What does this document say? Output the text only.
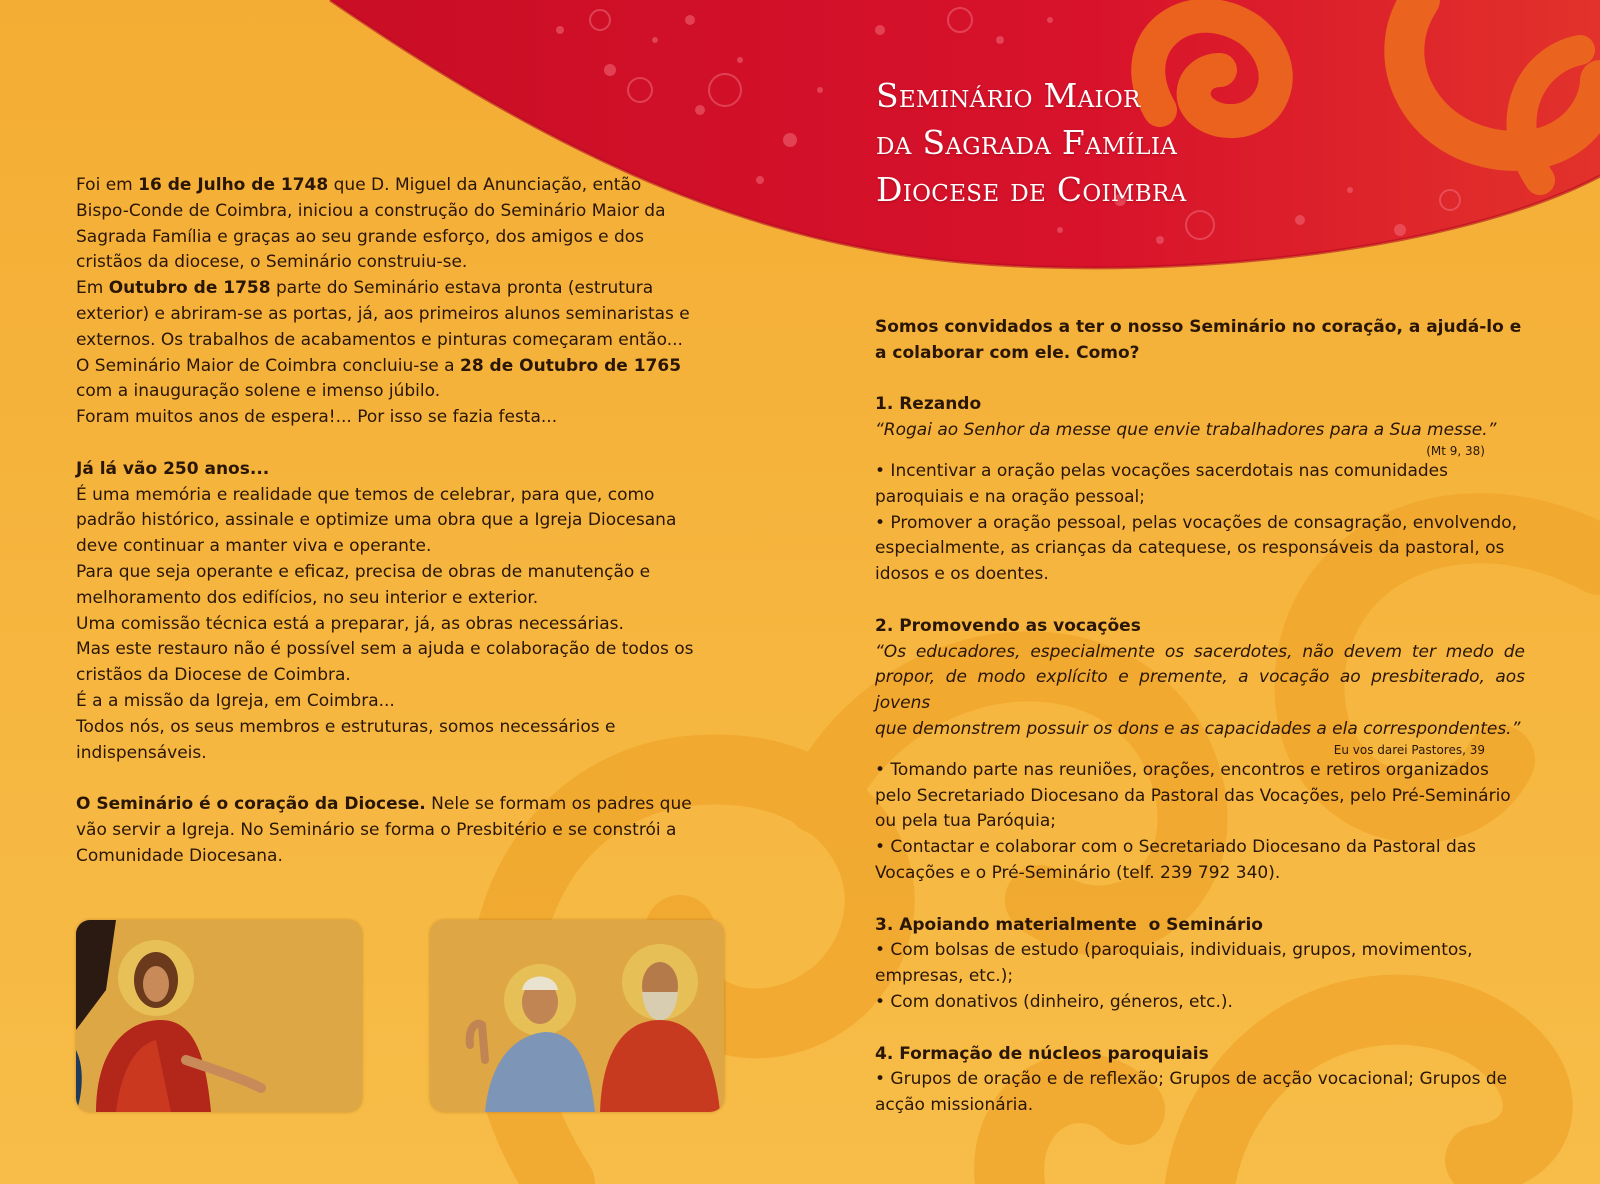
Seminário Maior
da Sagrada Família
Diocese de Coimbra

Foi em 16 de Julho de 1748 que D. Miguel da Anunciação, então Bispo-Conde de Coimbra, iniciou a construção do Seminário Maior da Sagrada Família e graças ao seu grande esforço, dos amigos e dos cristãos da diocese, o Seminário construiu-se.

Em Outubro de 1758 parte do Seminário estava pronta (estrutura exterior) e abriram-se as portas, já, aos primeiros alunos seminaristas e externos. Os trabalhos de acabamentos e pinturas começaram então...

O Seminário Maior de Coimbra concluiu-se a 28 de Outubro de 1765 com a inauguração solene e imenso júbilo.

Foram muitos anos de espera!... Por isso se fazia festa...

Já lá vão 250 anos...

É uma memória e realidade que temos de celebrar, para que, como padrão histórico, assinale e optimize uma obra que a Igreja Diocesana deve continuar a manter viva e operante.

Para que seja operante e eficaz, precisa de obras de manutenção e melhoramento dos edifícios, no seu interior e exterior.

Uma comissão técnica está a preparar, já, as obras necessárias.

Mas este restauro não é possível sem a ajuda e colaboração de todos os cristãos da Diocese de Coimbra.

É a a missão da Igreja, em Coimbra...

Todos nós, os seus membros e estruturas, somos necessários e indispensáveis.

O Seminário é o coração da Diocese. Nele se formam os padres que vão servir a Igreja. No Seminário se forma o Presbitério e se constrói a Comunidade Diocesana.

Somos convidados a ter o nosso Seminário no coração, a ajudá-lo e a colaborar com ele. Como?

1. Rezando

“Rogai ao Senhor da messe que envie trabalhadores para a Sua messe.”

(Mt 9, 38)

• Incentivar a oração pelas vocações sacerdotais nas comunidades paroquiais e na oração pessoal;

• Promover a oração pessoal, pelas vocações de consagração, envolvendo, especialmente, as crianças da catequese, os responsáveis da pastoral, os idosos e os doentes.

2. Promovendo as vocações

“Os educadores, especialmente os sacerdotes, não devem ter medo de

propor, de modo explícito e premente, a vocação ao presbiterado, aos jovens

que demonstrem possuir os dons e as capacidades a ela correspondentes.”

Eu vos darei Pastores, 39

• Tomando parte nas reuniões, orações, encontros e retiros organizados pelo Secretariado Diocesano da Pastoral das Vocações, pelo Pré-Seminário ou pela tua Paróquia;

• Contactar e colaborar com o Secretariado Diocesano da Pastoral das Vocações e o Pré-Seminário (telf. 239 792 340).

3. Apoiando materialmente  o Seminário

• Com bolsas de estudo (paroquiais, individuais, grupos, movimentos, empresas, etc.);

• Com donativos (dinheiro, géneros, etc.).

4. Formação de núcleos paroquiais

• Grupos de oração e de reflexão; Grupos de acção vocacional; Grupos de acção missionária.
